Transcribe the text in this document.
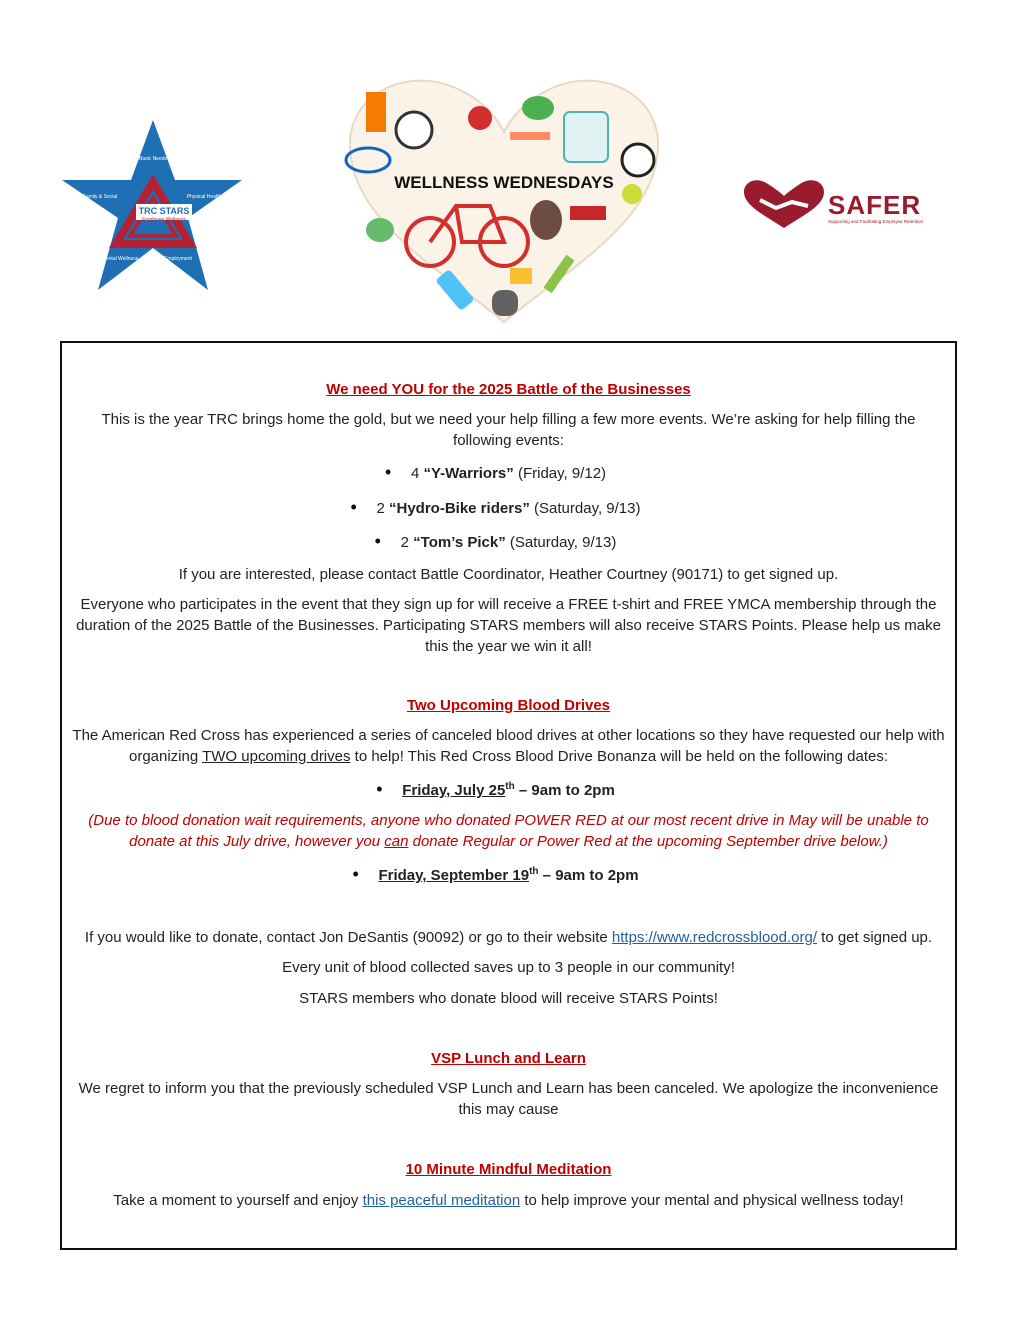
TRC STARS
Employee Wellness
Basic Needs
Physical Health
Employment
Mental Wellness
Family & Social
WELLNESS WEDNESDAYS
SAFER
Supporting and Facilitating Employee Retention

We need YOU for the 2025 Battle of the Businesses

This is the year TRC brings home the gold, but we need your help filling a few more events. We’re asking for help filling the following events:

• 4 “Y-Warriors” (Friday, 9/12)

• 2 “Hydro-Bike riders” (Saturday, 9/13)

• 2 “Tom’s Pick” (Saturday, 9/13)

If you are interested, please contact Battle Coordinator, Heather Courtney (90171) to get signed up.

Everyone who participates in the event that they sign up for will receive a FREE t-shirt and FREE YMCA membership through the duration of the 2025 Battle of the Businesses. Participating STARS members will also receive STARS Points. Please help us make this the year we win it all!

Two Upcoming Blood Drives

The American Red Cross has experienced a series of canceled blood drives at other locations so they have requested our help with organizing TWO upcoming drives to help! This Red Cross Blood Drive Bonanza will be held on the following dates:

• Friday, July 25th – 9am to 2pm

(Due to blood donation wait requirements, anyone who donated POWER RED at our most recent drive in May will be unable to donate at this July drive, however you can donate Regular or Power Red at the upcoming September drive below.)

• Friday, September 19th – 9am to 2pm

If you would like to donate, contact Jon DeSantis (90092) or go to their website https://www.redcrossblood.org/ to get signed up.

Every unit of blood collected saves up to 3 people in our community!

STARS members who donate blood will receive STARS Points!

VSP Lunch and Learn

We regret to inform you that the previously scheduled VSP Lunch and Learn has been canceled. We apologize the inconvenience this may cause

10 Minute Mindful Meditation

Take a moment to yourself and enjoy this peaceful meditation to help improve your mental and physical wellness today!
